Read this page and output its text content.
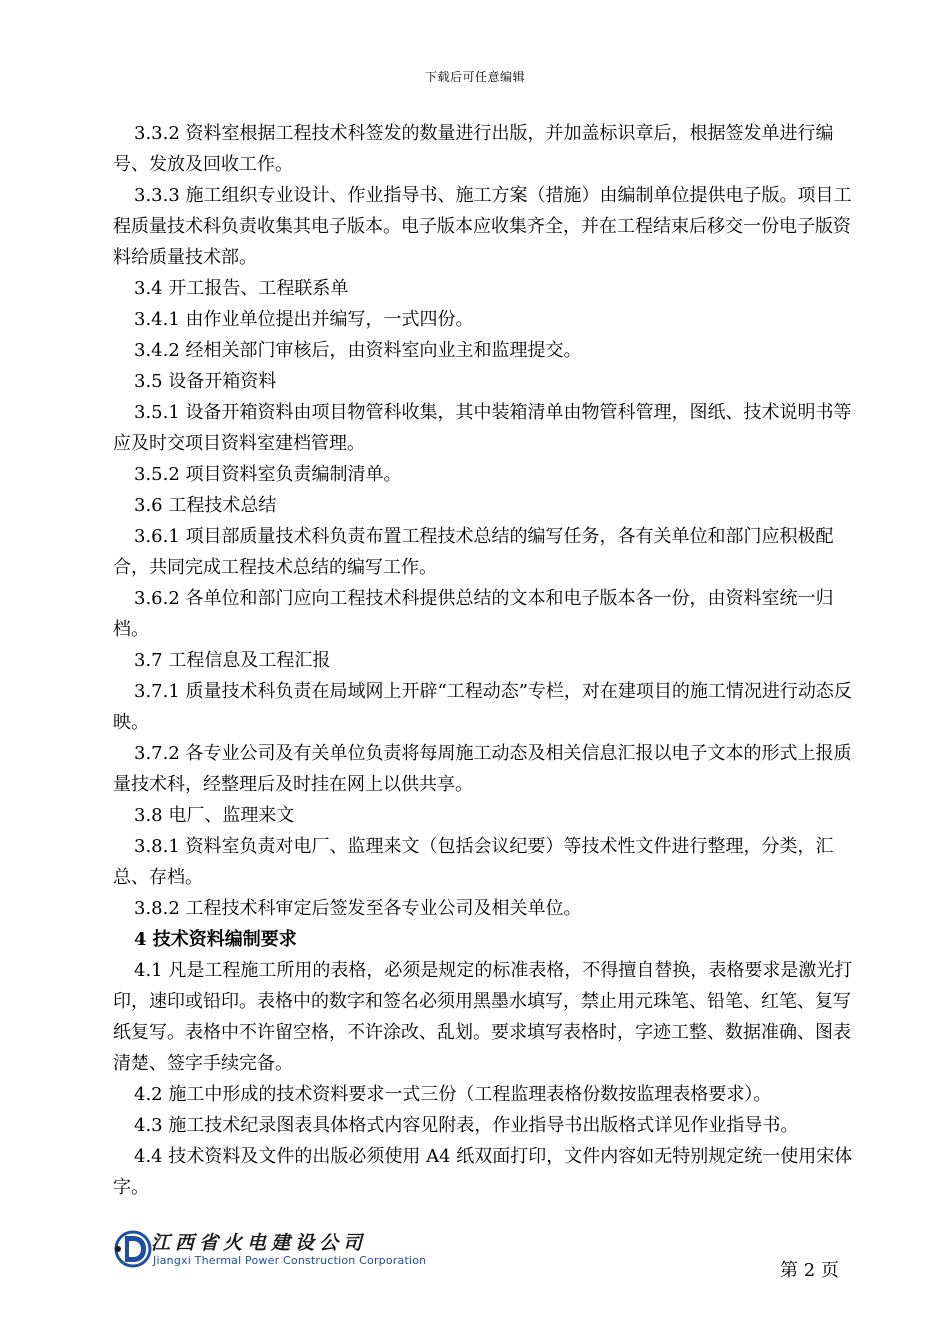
下载后可任意编辑

3.3.2 资料室根据工程技术科签发的数量进行出版，并加盖标识章后，根据签发单进行编号、发放及回收工作。

3.3.3 施工组织专业设计、作业指导书、施工方案（措施）由编制单位提供电子版。项目工程质量技术科负责收集其电子版本。电子版本应收集齐全，并在工程结束后移交一份电子版资料给质量技术部。

3.4 开工报告、工程联系单

3.4.1 由作业单位提出并编写，一式四份。

3.4.2 经相关部门审核后，由资料室向业主和监理提交。

3.5 设备开箱资料

3.5.1 设备开箱资料由项目物管科收集，其中装箱清单由物管科管理，图纸、技术说明书等应及时交项目资料室建档管理。

3.5.2 项目资料室负责编制清单。

3.6 工程技术总结

3.6.1 项目部质量技术科负责布置工程技术总结的编写任务，各有关单位和部门应积极配合，共同完成工程技术总结的编写工作。

3.6.2 各单位和部门应向工程技术科提供总结的文本和电子版本各一份，由资料室统一归档。

3.7 工程信息及工程汇报

3.7.1 质量技术科负责在局域网上开辟“工程动态”专栏，对在建项目的施工情况进行动态反映。

3.7.2 各专业公司及有关单位负责将每周施工动态及相关信息汇报以电子文本的形式上报质量技术科，经整理后及时挂在网上以供共享。

3.8 电厂、监理来文

3.8.1 资料室负责对电厂、监理来文（包括会议纪要）等技术性文件进行整理，分类，汇总、存档。

3.8.2 工程技术科审定后签发至各专业公司及相关单位。

4 技术资料编制要求

4.1 凡是工程施工所用的表格，必须是规定的标准表格，不得擅自替换，表格要求是激光打印，速印或铅印。表格中的数字和签名必须用黑墨水填写，禁止用元珠笔、铅笔、红笔、复写纸复写。表格中不许留空格，不许涂改、乱划。要求填写表格时，字迹工整、数据准确、图表清楚、签字手续完备。

4.2 施工中形成的技术资料要求一式三份（工程监理表格份数按监理表格要求）。

4.3 施工技术纪录图表具体格式内容见附表，作业指导书出版格式详见作业指导书。

4.4 技术资料及文件的出版必须使用 A4 纸双面打印，文件内容如无特别规定统一使用宋体字。

江西省火电建设公司
Jiangxi Thermal Power Construction Corporation	第 2 页
